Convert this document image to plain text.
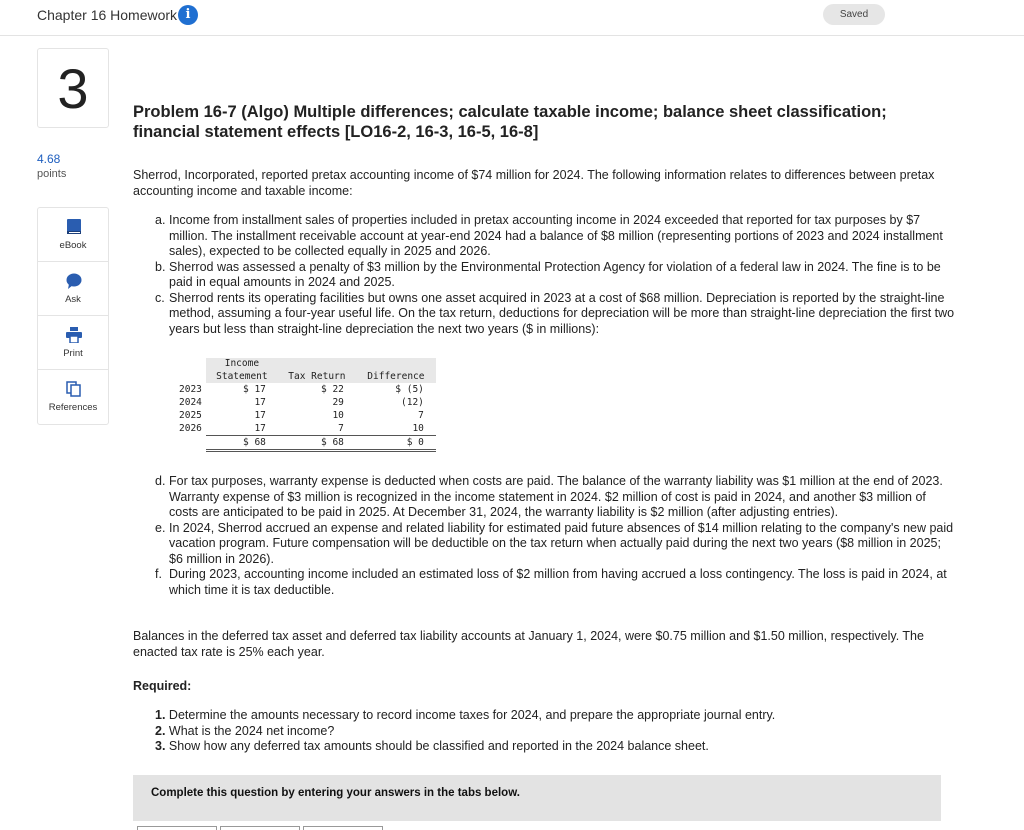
Chapter 16 Homework i	Saved
3
4.68
points
eBook
Ask
Print
References
Problem 16-7 (Algo) Multiple differences; calculate taxable income; balance sheet classification; financial statement effects [LO16-2, 16-3, 16-5, 16-8]
Sherrod, Incorporated, reported pretax accounting income of $74 million for 2024. The following information relates to differences between pretax accounting income and taxable income:
a. Income from installment sales of properties included in pretax accounting income in 2024 exceeded that reported for tax purposes by $7 million. The installment receivable account at year-end 2024 had a balance of $8 million (representing portions of 2023 and 2024 installment sales), expected to be collected equally in 2025 and 2026.
b. Sherrod was assessed a penalty of $3 million by the Environmental Protection Agency for violation of a federal law in 2024. The fine is to be paid in equal amounts in 2024 and 2025.
c. Sherrod rents its operating facilities but owns one asset acquired in 2023 at a cost of $68 million. Depreciation is reported by the straight-line method, assuming a four-year useful life. On the tax return, deductions for depreciation will be more than straight-line depreciation the first two years but less than straight-line depreciation the next two years ($ in millions):
	Income Statement	Tax Return	Difference
2023	$ 17	$ 22	$ (5)
2024	17	29	(12)
2025	17	10	7
2026	17	7	10
	$ 68	$ 68	$ 0
d. For tax purposes, warranty expense is deducted when costs are paid. The balance of the warranty liability was $1 million at the end of 2023. Warranty expense of $3 million is recognized in the income statement in 2024. $2 million of cost is paid in 2024, and another $3 million of costs are anticipated to be paid in 2025. At December 31, 2024, the warranty liability is $2 million (after adjusting entries).
e. In 2024, Sherrod accrued an expense and related liability for estimated paid future absences of $14 million relating to the company's new paid vacation program. Future compensation will be deductible on the tax return when actually paid during the next two years ($8 million in 2025; $6 million in 2026).
f. During 2023, accounting income included an estimated loss of $2 million from having accrued a loss contingency. The loss is paid in 2024, at which time it is tax deductible.
Balances in the deferred tax asset and deferred tax liability accounts at January 1, 2024, were $0.75 million and $1.50 million, respectively. The enacted tax rate is 25% each year.
Required:
1. Determine the amounts necessary to record income taxes for 2024, and prepare the appropriate journal entry.
2. What is the 2024 net income?
3. Show how any deferred tax amounts should be classified and reported in the 2024 balance sheet.
Complete this question by entering your answers in the tabs below.
